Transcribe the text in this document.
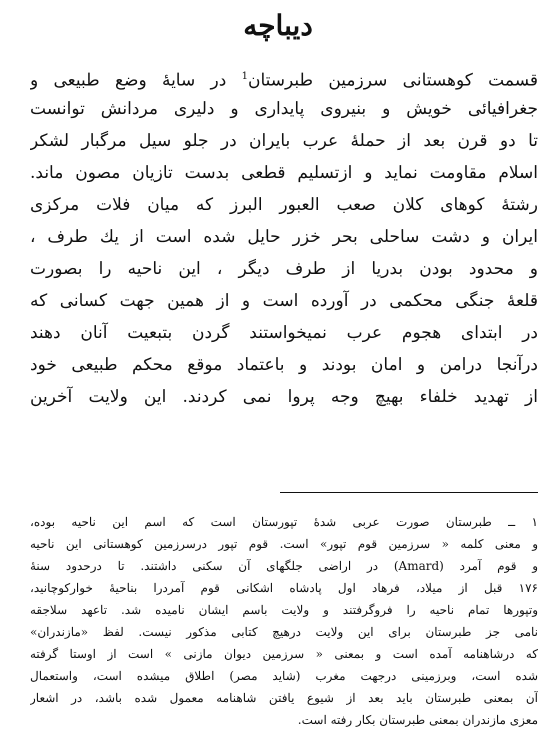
دیباچه
قسمت کوهستانی سرزمین طبرستان$^1$ در سایهٔ وضع طبیعی و
جغرافیائی خویش و بنیروی پایداری و دلیری مردانش توانست
تا دو قرن بعد از حملهٔ عرب بایران در جلو سیل مرگبار لشکر
اسلام مقاومت نماید و ازتسلیم قطعی بدست تازیان مصون ماند.
رشتهٔ کوهای کلان صعب العبور البرز که میان فلات مرکزی
ایران و دشت ساحلی بحر خزر حایل شده است از یك طرف ،
و محدود بودن بدریا از طرف دیگر ، این ناحیه را بصورت
قلعهٔ جنگی محکمی در آورده است و از همین جهت کسانی که
در ابتدای هجوم عرب نمیخواستند گردن بتبعیت آنان دهند
درآنجا درامن و امان بودند و باعتماد موقع محکم طبیعی خود
از تهدید خلفاء بهیچ وجه پروا نمی کردند. این ولایت آخرین
۱ ــ طبرستان صورت عربی شدهٔ تپورستان است که اسم این ناحیه بوده،
و معنی کلمه « سرزمین قوم تپور» است. قوم تپور درسرزمین کوهستانی این ناحیه
و قوم آمرد (Amard) در اراضی جلگهای آن سکنی داشتند. تا درحدود سنهٔ
۱۷۶ قبل از میلاد، فرهاد اول پادشاه اشکانی قوم آمردرا بناحیهٔ خوارکوچانید،
وتپورها تمام ناحیه را فروگرفتند و ولایت باسم ایشان نامیده شد. تاعهد سلاجقه
نامی جز طبرستان برای این ولایت درهیچ کتابی مذکور نیست. لفظ «مازندران»
که درشاهنامه آمده است و بمعنی « سرزمین دیوان مازنی » است از اوستا گرفته
شده است، وبرزمینی درجهت مغرب (شاید مصر) اطلاق میشده است، واستعمال
آن بمعنی طبرستان باید بعد از شیوع یافتن شاهنامه معمول شده باشد، در اشعار
معزی مازندران بمعنی طبرستان بکار رفته است.
